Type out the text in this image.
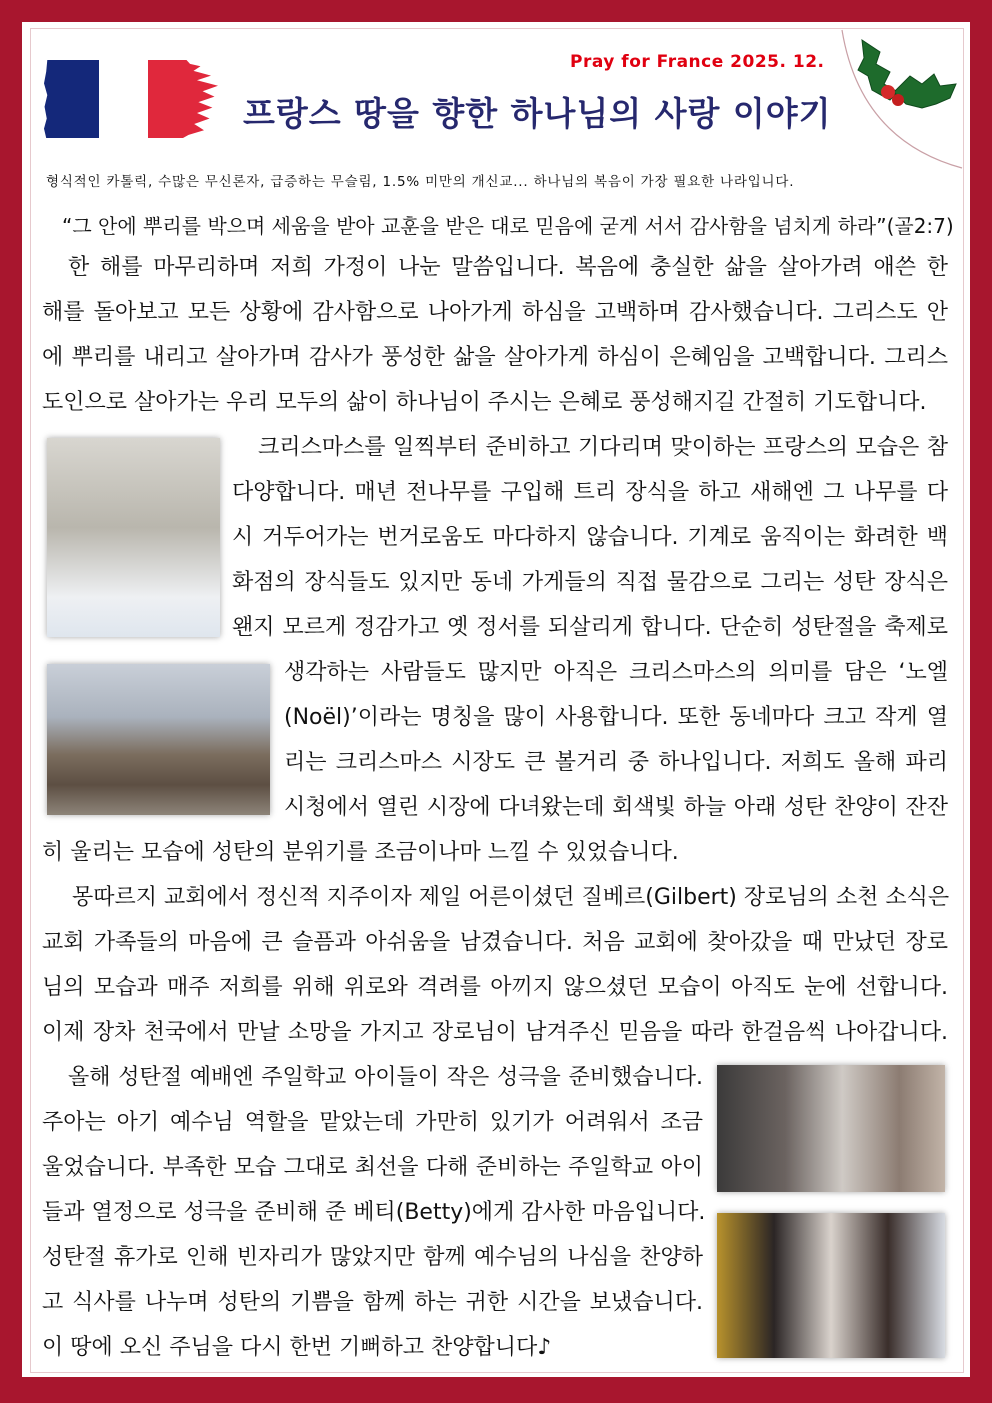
Pray for France 2025. 12.
프랑스 땅을 향한 하나님의 사랑 이야기
형식적인 카톨릭, 수많은 무신론자, 급증하는 무슬림, 1.5% 미만의 개신교... 하나님의 복음이 가장 필요한 나라입니다.
“그 안에 뿌리를 박으며 세움을 받아 교훈을 받은 대로 믿음에 굳게 서서 감사함을 넘치게 하라”(골2:7)
한 해를 마무리하며 저희 가정이 나눈 말씀입니다. 복음에 충실한 삶을 살아가려 애쓴 한
해를 돌아보고 모든 상황에 감사함으로 나아가게 하심을 고백하며 감사했습니다. 그리스도 안
에 뿌리를 내리고 살아가며 감사가 풍성한 삶을 살아가게 하심이 은혜임을 고백합니다. 그리스
도인으로 살아가는 우리 모두의 삶이 하나님이 주시는 은혜로 풍성해지길 간절히 기도합니다.
크리스마스를 일찍부터 준비하고 기다리며 맞이하는 프랑스의 모습은 참
다양합니다. 매년 전나무를 구입해 트리 장식을 하고 새해엔 그 나무를 다
시 거두어가는 번거로움도 마다하지 않습니다. 기계로 움직이는 화려한 백
화점의 장식들도 있지만 동네 가게들의 직접 물감으로 그리는 성탄 장식은
왠지 모르게 정감가고 옛 정서를 되살리게 합니다. 단순히 성탄절을 축제로
생각하는 사람들도 많지만 아직은 크리스마스의 의미를 담은 ‘노엘
(Noël)’이라는 명칭을 많이 사용합니다. 또한 동네마다 크고 작게 열
리는 크리스마스 시장도 큰 볼거리 중 하나입니다. 저희도 올해 파리
시청에서 열린 시장에 다녀왔는데 회색빛 하늘 아래 성탄 찬양이 잔잔
히 울리는 모습에 성탄의 분위기를 조금이나마 느낄 수 있었습니다.
몽따르지 교회에서 정신적 지주이자 제일 어른이셨던 질베르(Gilbert) 장로님의 소천 소식은
교회 가족들의 마음에 큰 슬픔과 아쉬움을 남겼습니다. 처음 교회에 찾아갔을 때 만났던 장로
님의 모습과 매주 저희를 위해 위로와 격려를 아끼지 않으셨던 모습이 아직도 눈에 선합니다.
이제 장차 천국에서 만날 소망을 가지고 장로님이 남겨주신 믿음을 따라 한걸음씩 나아갑니다.
올해 성탄절 예배엔 주일학교 아이들이 작은 성극을 준비했습니다.
주아는 아기 예수님 역할을 맡았는데 가만히 있기가 어려워서 조금
울었습니다. 부족한 모습 그대로 최선을 다해 준비하는 주일학교 아이
들과 열정으로 성극을 준비해 준 베티(Betty)에게 감사한 마음입니다.
성탄절 휴가로 인해 빈자리가 많았지만 함께 예수님의 나심을 찬양하
고 식사를 나누며 성탄의 기쁨을 함께 하는 귀한 시간을 보냈습니다.
이 땅에 오신 주님을 다시 한번 기뻐하고 찬양합니다♪
